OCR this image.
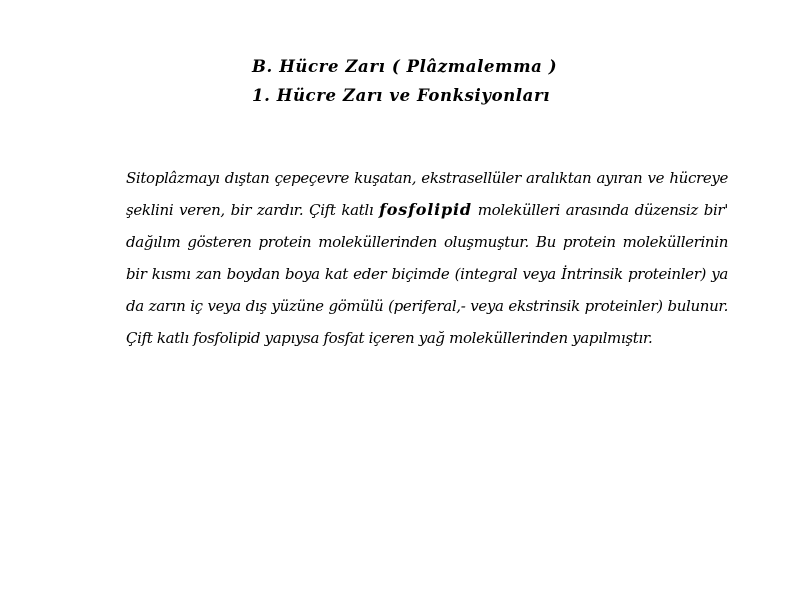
B. Hücre Zarı ( Plâzmalemma )
1. Hücre Zarı ve Fonksiyonları

Sitoplâzmayı dıştan çepeçevre kuşatan, ekstrasellüler aralıktan ayıran ve hücreye şeklini veren, bir zardır. Çift katlı fosfolipid molekülleri arasında düzensiz bir' dağılım gösteren protein moleküllerinden oluşmuştur. Bu protein moleküllerinin bir kısmı zan boydan boya kat eder biçimde (integral veya İntrinsik proteinler) ya da zarın iç veya dış yüzüne gömülü (periferal,- veya ekstrinsik proteinler) bulunur. Çift katlı fosfolipid yapıysa fosfat içeren yağ moleküllerinden yapılmıştır.
